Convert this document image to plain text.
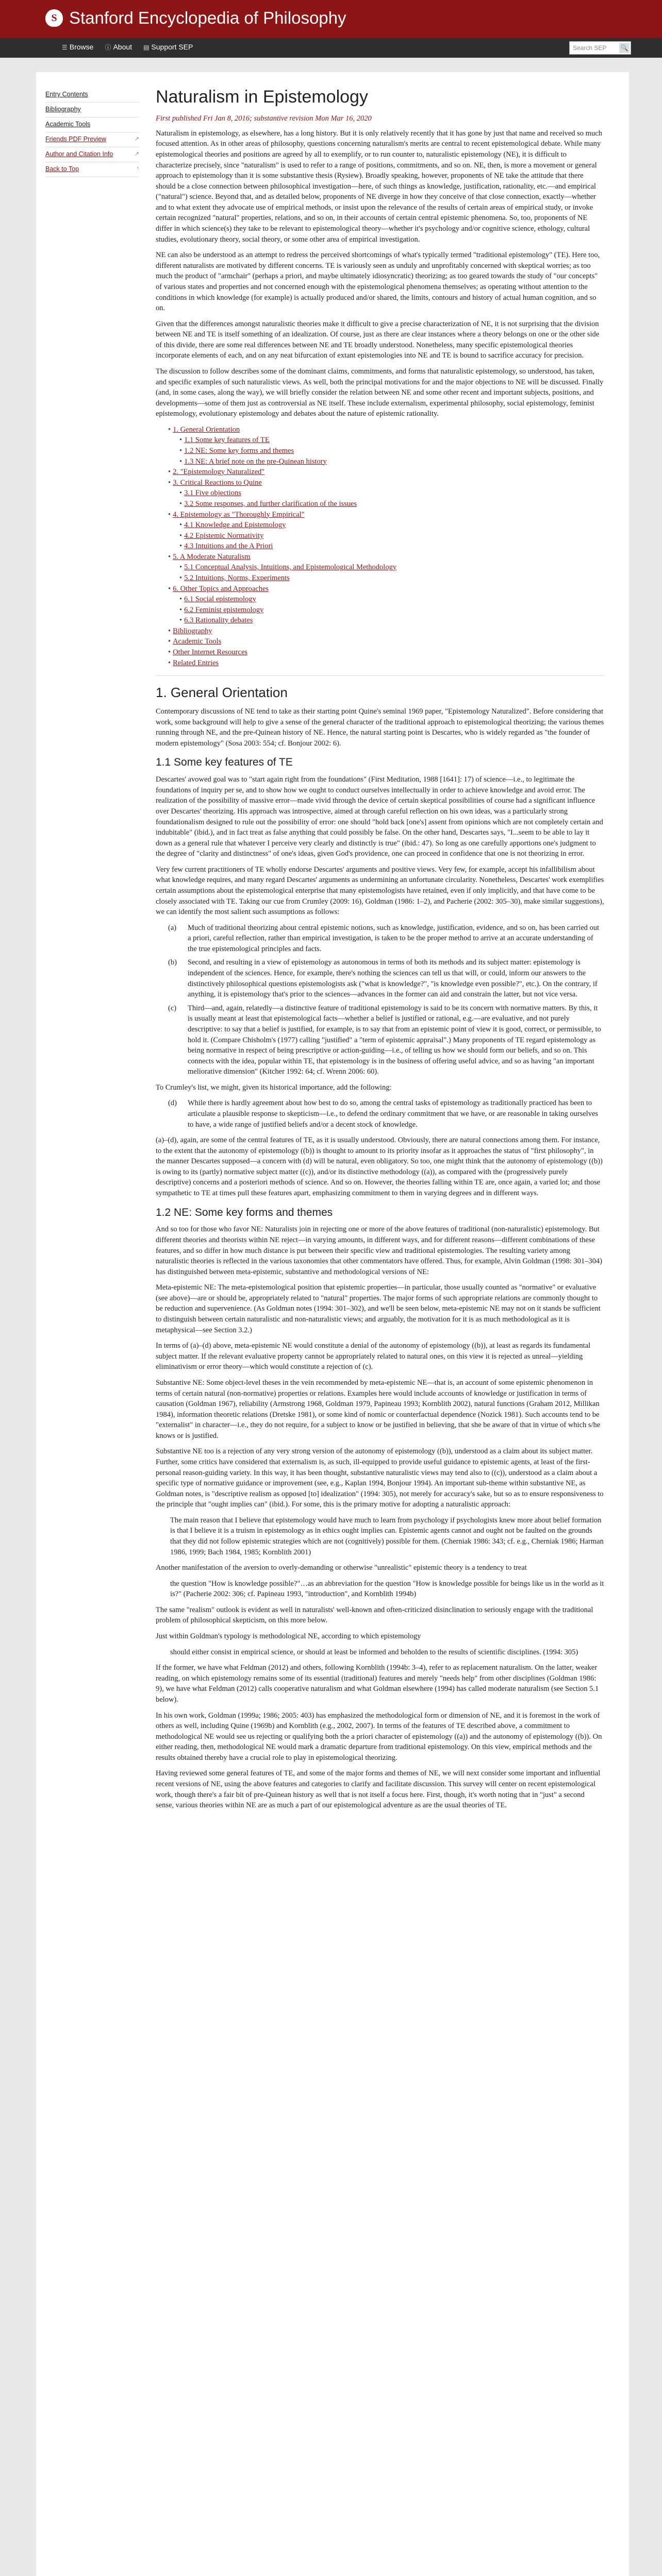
S Stanford Encyclopedia of Philosophy
☰ Browse ⓘ About ▤ Support SEP	Search SEP 🔍
Entry Contents
Bibliography
Academic Tools
Friends PDF Preview	↗
Author and Citation Info	↗
Back to Top	↑
Naturalism in Epistemology

First published Fri Jan 8, 2016; substantive revision Mon Mar 16, 2020

Naturalism in epistemology, as elsewhere, has a long history. But it is only relatively recently that it has gone by just that name and received so much focused attention. As in other areas of philosophy, questions concerning naturalism's merits are central to recent epistemological debate. While many epistemological theories and positions are agreed by all to exemplify, or to run counter to, naturalistic epistemology (NE), it is difficult to characterize precisely, since "naturalism" is used to refer to a range of positions, commitments, and so on. NE, then, is more a movement or general approach to epistemology than it is some substantive thesis (Rysiew). Broadly speaking, however, proponents of NE take the attitude that there should be a close connection between philosophical investigation—here, of such things as knowledge, justification, rationality, etc.—and empirical ("natural") science. Beyond that, and as detailed below, proponents of NE diverge in how they conceive of that close connection, exactly—whether and to what extent they advocate use of empirical methods, or insist upon the relevance of the results of certain areas of empirical study, or invoke certain recognized "natural" properties, relations, and so on, in their accounts of certain central epistemic phenomena. So, too, proponents of NE differ in which science(s) they take to be relevant to epistemological theory—whether it's psychology and/or cognitive science, ethology, cultural studies, evolutionary theory, social theory, or some other area of empirical investigation.

NE can also be understood as an attempt to redress the perceived shortcomings of what's typically termed "traditional epistemology" (TE). Here too, different naturalists are motivated by different concerns. TE is variously seen as unduly and unprofitably concerned with skeptical worries; as too much the product of "armchair" (perhaps a priori, and maybe ultimately idiosyncratic) theorizing; as too geared towards the study of "our concepts" of various states and properties and not concerned enough with the epistemological phenomena themselves; as operating without attention to the conditions in which knowledge (for example) is actually produced and/or shared, the limits, contours and history of actual human cognition, and so on.

Given that the differences amongst naturalistic theories make it difficult to give a precise characterization of NE, it is not surprising that the division between NE and TE is itself something of an idealization. Of course, just as there are clear instances where a theory belongs on one or the other side of this divide, there are some real differences between NE and TE broadly understood. Nonetheless, many specific epistemological theories incorporate elements of each, and on any neat bifurcation of extant epistemologies into NE and TE is bound to sacrifice accuracy for precision.

The discussion to follow describes some of the dominant claims, commitments, and forms that naturalistic epistemology, so understood, has taken, and specific examples of such naturalistic views. As well, both the principal motivations for and the major objections to NE will be discussed. Finally (and, in some cases, along the way), we will briefly consider the relation between NE and some other recent and important subjects, positions, and developments—some of them just as controversial as NE itself. These include externalism, experimental philosophy, social epistemology, feminist epistemology, evolutionary epistemology and debates about the nature of epistemic rationality.

• 1. General Orientation
• 1.1 Some key features of TE
• 1.2 NE: Some key forms and themes
• 1.3 NE: A brief note on the pre-Quinean history
• 2. "Epistemology Naturalized"
• 3. Critical Reactions to Quine
• 3.1 Five objections
• 3.2 Some responses, and further clarification of the issues
• 4. Epistemology as "Thoroughly Empirical"
• 4.1 Knowledge and Epistemology
• 4.2 Epistemic Normativity
• 4.3 Intuitions and the A Priori
• 5. A Moderate Naturalism
• 5.1 Conceptual Analysis, Intuitions, and Epistemological Methodology
• 5.2 Intuitions, Norms, Experiments
• 6. Other Topics and Approaches
• 6.1 Social epistemology
• 6.2 Feminist epistemology
• 6.3 Rationality debates
• Bibliography
• Academic Tools
• Other Internet Resources
• Related Entries
1. General Orientation

Contemporary discussions of NE tend to take as their starting point Quine's seminal 1969 paper, "Epistemology Naturalized". Before considering that work, some background will help to give a sense of the general character of the traditional approach to epistemological theorizing; the various themes running through NE, and the pre-Quinean history of NE. Hence, the natural starting point is Descartes, who is widely regarded as "the founder of modern epistemology" (Sosa 2003: 554; cf. Bonjour 2002: 6).

1.1 Some key features of TE

Descartes' avowed goal was to "start again right from the foundations" (First Meditation, 1988 [1641]: 17) of science—i.e., to legitimate the foundations of inquiry per se, and to show how we ought to conduct ourselves intellectually in order to achieve knowledge and avoid error. The realization of the possibility of massive error—made vivid through the device of certain skeptical possibilities of course had a significant influence over Descartes' theorizing. His approach was introspective, aimed at through careful reflection on his own ideas, was a particularly strong foundationalism designed to rule out the possibility of error: one should "hold back [one's] assent from opinions which are not completely certain and indubitable" (ibid.), and in fact treat as false anything that could possibly be false. On the other hand, Descartes says, "I...seem to be able to lay it down as a general rule that whatever I perceive very clearly and distinctly is true" (ibid.: 47). So long as one carefully apportions one's judgment to the degree of "clarity and distinctness" of one's ideas, given God's providence, one can proceed in confidence that one is not theorizing in error.

Very few current practitioners of TE wholly endorse Descartes' arguments and positive views. Very few, for example, accept his infallibilism about what knowledge requires, and many regard Descartes' arguments as undermining an unfortunate circularity. Nonetheless, Descartes' work exemplifies certain assumptions about the epistemological enterprise that many epistemologists have retained, even if only implicitly, and that have come to be closely associated with TE. Taking our cue from Crumley (2009: 16), Goldman (1986: 1–2), and Pacherie (2002: 305–30), make similar suggestions), we can identify the most salient such assumptions as follows:

(a)	Much of traditional theorizing about central epistemic notions, such as knowledge, justification, evidence, and so on, has been carried out a priori, careful reflection, rather than empirical investigation, is taken to be the proper method to arrive at an accurate understanding of the true epistemological principles and facts.
(b)	Second, and resulting in a view of epistemology as autonomous in terms of both its methods and its subject matter: epistemology is independent of the sciences. Hence, for example, there's nothing the sciences can tell us that will, or could, inform our answers to the distinctively philosophical questions epistemologists ask ("what is knowledge?", "is knowledge even possible?", etc.). On the contrary, if anything, it is epistemology that's prior to the sciences—advances in the former can aid and constrain the latter, but not vice versa.
(c)	Third—and, again, relatedly—a distinctive feature of traditional epistemology is said to be its concern with normative matters. By this, it is usually meant at least that epistemological facts—whether a belief is justified or rational, e.g.—are evaluative, and not purely descriptive: to say that a belief is justified, for example, is to say that from an epistemic point of view it is good, correct, or permissible, to hold it. (Compare Chisholm's (1977) calling "justified" a "term of epistemic appraisal".) Many proponents of TE regard epistemology as being normative in respect of being prescriptive or action-guiding—i.e., of telling us how we should form our beliefs, and so on. This connects with the idea, popular within TE, that epistemology is in the business of offering useful advice, and so as having "an important meliorative dimension" (Kitcher 1992: 64; cf. Wrenn 2006: 60).

To Crumley's list, we might, given its historical importance, add the following:

(d)	While there is hardly agreement about how best to do so, among the central tasks of epistemology as traditionally practiced has been to articulate a plausible response to skepticism—i.e., to defend the ordinary commitment that we have, or are reasonable in taking ourselves to have, a wide range of justified beliefs and/or a decent stock of knowledge.

(a)–(d), again, are some of the central features of TE, as it is usually understood. Obviously, there are natural connections among them. For instance, to the extent that the autonomy of epistemology ((b)) is thought to amount to its priority insofar as it approaches the status of "first philosophy", in the manner Descartes supposed—a concern with (d) will be natural, even obligatory. So too, one might think that the autonomy of epistemology ((b)) is owing to its (partly) normative subject matter ((c)), and/or its distinctive methodology ((a)), as compared with the (progressively purely descriptive) concerns and a posteriori methods of science. And so on. However, the theories falling within TE are, once again, a varied lot; and those sympathetic to TE at times pull these features apart, emphasizing commitment to them in varying degrees and in different ways.

1.2 NE: Some key forms and themes

And so too for those who favor NE: Naturalists join in rejecting one or more of the above features of traditional (non-naturalistic) epistemology. But different theories and theorists within NE reject—in varying amounts, in different ways, and for different reasons—different combinations of these features, and so differ in how much distance is put between their specific view and traditional epistemologies. The resulting variety among naturalistic theories is reflected in the various taxonomies that other commentators have offered. Thus, for example, Alvin Goldman (1998: 301–304) has distinguished between meta-epistemic, substantive and methodological versions of NE:

Meta-epistemic NE: The meta-epistemological position that epistemic properties—in particular, those usually counted as "normative" or evaluative (see above)—are or should be, appropriately related to "natural" properties. The major forms of such appropriate relations are commonly thought to be reduction and supervenience. (As Goldman notes (1994: 301–302), and we'll be seen below, meta-epistemic NE may not on it stands be sufficient to distinguish between certain naturalistic and non-naturalistic views; and arguably, the motivation for it is as much methodological as it is metaphysical—see Section 3.2.)

In terms of (a)–(d) above, meta-epistemic NE would constitute a denial of the autonomy of epistemology ((b)), at least as regards its fundamental subject matter. If the relevant evaluative property cannot be appropriately related to natural ones, on this view it is rejected as unreal—yielding eliminativism or error theory—which would constitute a rejection of (c).

Substantive NE: Some object-level theses in the vein recommended by meta-epistemic NE—that is, an account of some epistemic phenomenon in terms of certain natural (non-normative) properties or relations. Examples here would include accounts of knowledge or justification in terms of causation (Goldman 1967), reliability (Armstrong 1968, Goldman 1979, Papineau 1993; Kornblith 2002), natural functions (Graham 2012, Millikan 1984), information theoretic relations (Dretske 1981), or some kind of nomic or counterfactual dependence (Nozick 1981). Such accounts tend to be "externalist" in character—i.e., they do not require, for a subject to know or be justified in believing, that she be aware of that in virtue of which s/he knows or is justified.

Substantive NE too is a rejection of any very strong version of the autonomy of epistemology ((b)), understood as a claim about its subject matter. Further, some critics have considered that externalism is, as such, ill-equipped to provide useful guidance to epistemic agents, at least of the first-personal reason-guiding variety. In this way, it has been thought, substantive naturalistic views may tend also to ((c)), understood as a claim about a specific type of normative guidance or improvement (see, e.g., Kaplan 1994, Bonjour 1994). An important sub-theme within substantive NE, as Goldman notes, is "descriptive realism as opposed [to] idealization" (1994: 305), not merely for accuracy's sake, but so as to ensure responsiveness to the principle that "ought implies can" (ibid.). For some, this is the primary motive for adopting a naturalistic approach:

The main reason that I believe that epistemology would have much to learn from psychology if psychologists knew more about belief formation is that I believe it is a truism in epistemology as in ethics ought implies can. Epistemic agents cannot and ought not be faulted on the grounds that they did not follow epistemic strategies which are not (cognitively) possible for them. (Cherniak 1986: 343; cf. e.g., Cherniak 1986; Harman 1986, 1999; Bach 1984, 1985; Kornblith 2001)

Another manifestation of the aversion to overly-demanding or otherwise "unrealistic" epistemic theory is a tendency to treat

the question "How is knowledge possible?"…as an abbreviation for the question "How is knowledge possible for beings like us in the world as it is?" (Pacherie 2002: 306; cf. Papineau 1993, "introduction", and Kornblith 1994b)

The same "realism" outlook is evident as well in naturalists' well-known and often-criticized disinclination to seriously engage with the traditional problem of philosophical skepticism, on this more below.

Just within Goldman's typology is methodological NE, according to which epistemology

should either consist in empirical science, or should at least be informed and beholden to the results of scientific disciplines. (1994: 305)

If the former, we have what Feldman (2012) and others, following Kornblith (1994b: 3–4), refer to as replacement naturalism. On the latter, weaker reading, on which epistemology remains some of its essential (traditional) features and merely "needs help" from other disciplines (Goldman 1986: 9), we have what Feldman (2012) calls cooperative naturalism and what Goldman elsewhere (1994) has called moderate naturalism (see Section 5.1 below).

In his own work, Goldman (1999a; 1986; 2005: 403) has emphasized the methodological form or dimension of NE, and it is foremost in the work of others as well, including Quine (1969b) and Kornblith (e.g., 2002, 2007). In terms of the features of TE described above, a commitment to methodological NE would see us rejecting or qualifying both the a priori character of epistemology ((a)) and the autonomy of epistemology ((b)). On either reading, then, methodological NE would mark a dramatic departure from traditional epistemology. On this view, empirical methods and the results obtained thereby have a crucial role to play in epistemological theorizing.

Having reviewed some general features of TE, and some of the major forms and themes of NE, we will next consider some important and influential recent versions of NE, using the above features and categories to clarify and facilitate discussion. This survey will center on recent epistemological work, though there's a fair bit of pre-Quinean history as well that is not itself a focus here. First, though, it's worth noting that in "just" a second sense, various theories within NE are as much a part of our epistemological adventure as are the usual theories of TE.
